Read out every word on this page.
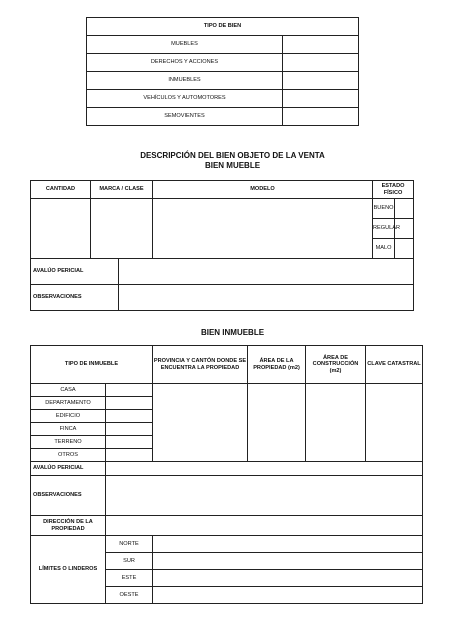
TIPO DE BIEN	
MUEBLES	
DERECHOS Y ACCIONES	
INMUEBLES	
VEHÍCULOS Y AUTOMOTORES	
SEMOVIENTES	
DESCRIPCIÓN DEL BIEN OBJETO DE LA VENTA
BIEN MUEBLE
CANTIDAD	MARCA / CLASE		MODELO	ESTADO FÍSICO	
				BUENO	
				REGULAR	
				MALO	
AVALÚO PERICIAL					
OBSERVACIONES					
BIEN INMUEBLE
TIPO DE INMUEBLE		PROVINCIA Y CANTÓN DONDE SE ENCUENTRA LA PROPIEDAD	ÁREA DE LA PROPIEDAD (m2)	ÁREA DE CONSTRUCCIÓN (m2)	CLAVE CATASTRAL
CASA					
DEPARTAMENTO					
EDIFICIO					
FINCA					
TERRENO					
OTROS					
AVALÚO PERICIAL					
OBSERVACIONES					
DIRECCIÓN DE LA PROPIEDAD					
LÍMITES O LINDEROS	NORTE				
	SUR				
	ESTE				
	OESTE				
